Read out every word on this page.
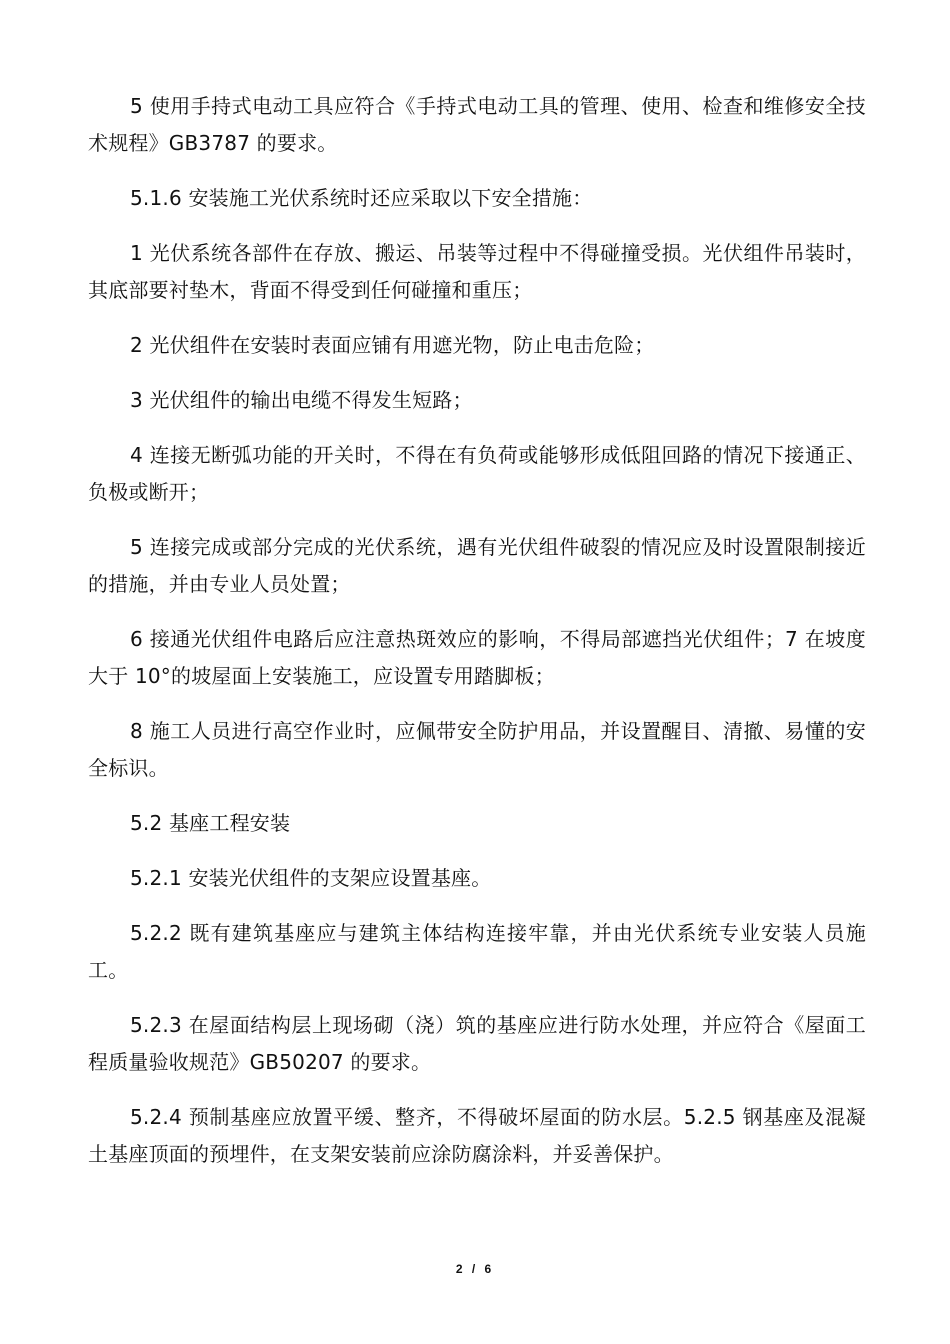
5 使用手持式电动工具应符合《手持式电动工具的管理、使用、检查和维修安全技术规程》GB3787 的要求。

5.1.6 安装施工光伏系统时还应采取以下安全措施：

1 光伏系统各部件在存放、搬运、吊装等过程中不得碰撞受损。光伏组件吊装时，其底部要衬垫木，背面不得受到任何碰撞和重压；

2 光伏组件在安装时表面应铺有用遮光物，防止电击危险；

3 光伏组件的输出电缆不得发生短路；

4 连接无断弧功能的开关时，不得在有负荷或能够形成低阻回路的情况下接通正、负极或断开；

5 连接完成或部分完成的光伏系统，遇有光伏组件破裂的情况应及时设置限制接近的措施，并由专业人员处置；

6 接通光伏组件电路后应注意热斑效应的影响，不得局部遮挡光伏组件；7 在坡度大于 10°的坡屋面上安装施工，应设置专用踏脚板；

8 施工人员进行高空作业时，应佩带安全防护用品，并设置醒目、清撤、易懂的安全标识。

5.2 基座工程安装

5.2.1 安装光伏组件的支架应设置基座。

5.2.2 既有建筑基座应与建筑主体结构连接牢靠，并由光伏系统专业安装人员施工。

5.2.3 在屋面结构层上现场砌（浇）筑的基座应进行防水处理，并应符合《屋面工程质量验收规范》GB50207 的要求。

5.2.4 预制基座应放置平缓、整齐，不得破坏屋面的防水层。5.2.5 钢基座及混凝土基座顶面的预埋件，在支架安装前应涂防腐涂料，并妥善保护。

2 / 6
